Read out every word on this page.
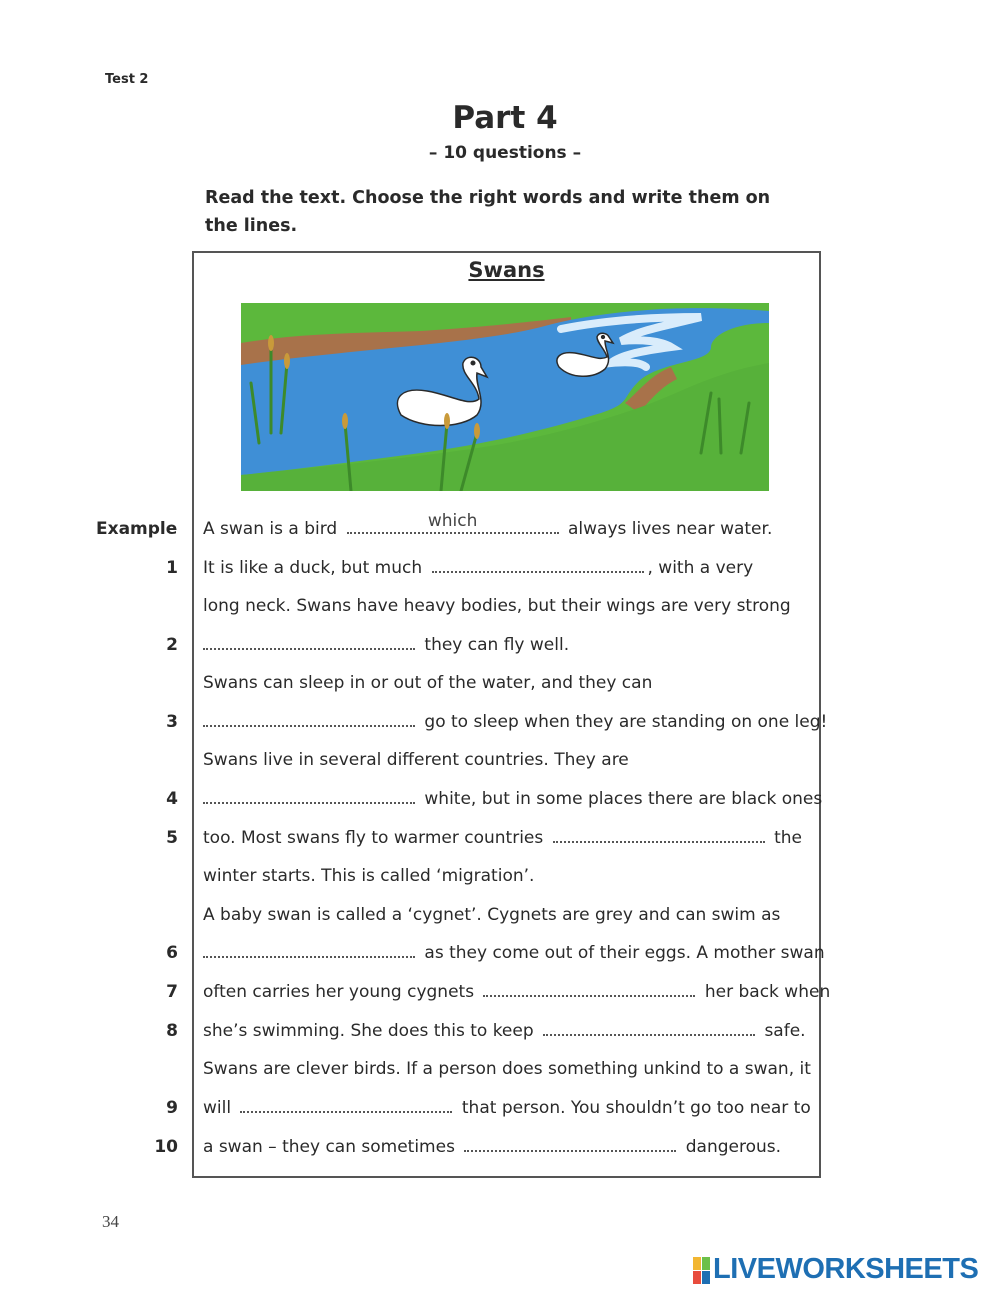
Test 2
Part 4
– 10 questions –
Read the text. Choose the right words and write them on the lines.
Swans
Example A swan is a bird	which	always lives near water.
1 It is like a duck, but much	, with a very
long neck. Swans have heavy bodies, but their wings are very strong
2	they can fly well.
Swans can sleep in or out of the water, and they can
3	go to sleep when they are standing on one leg!
Swans live in several different countries. They are
4	white, but in some places there are black ones
5 too. Most swans fly to warmer countries	the
winter starts. This is called ‘migration’.
A baby swan is called a ‘cygnet’. Cygnets are grey and can swim as
6	as they come out of their eggs. A mother swan
7 often carries her young cygnets	her back when
8 she’s swimming. She does this to keep	safe.
Swans are clever birds. If a person does something unkind to a swan, it
9 will	that person. You shouldn’t go too near to
10 a swan – they can sometimes	dangerous.
34
LIVEWORKSHEETS
